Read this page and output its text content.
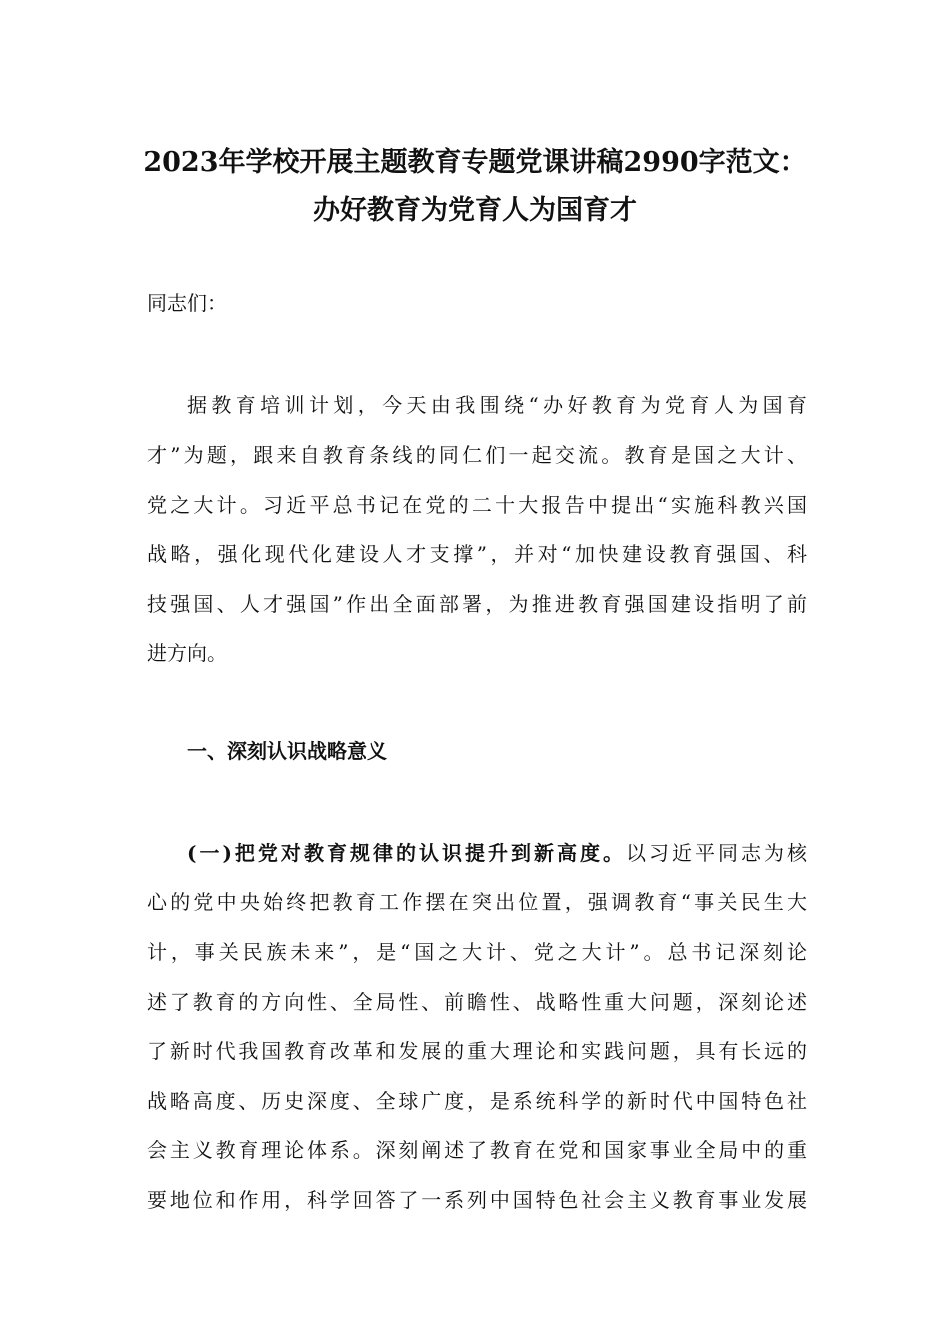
2023年学校开展主题教育专题党课讲稿2990字范文：
办好教育为党育人为国育才
同志们：
据教育培训计划，今天由我围绕“办好教育为党育人为国育
才”为题，跟来自教育条线的同仁们一起交流。教育是国之大计、
党之大计。习近平总书记在党的二十大报告中提出“实施科教兴国
战略，强化现代化建设人才支撑”，并对“加快建设教育强国、科
技强国、人才强国”作出全面部署，为推进教育强国建设指明了前
进方向。
一、深刻认识战略意义
(一)把党对教育规律的认识提升到新高度。以习近平同志为核
心的党中央始终把教育工作摆在突出位置，强调教育“事关民生大
计，事关民族未来”，是“国之大计、党之大计”。总书记深刻论
述了教育的方向性、全局性、前瞻性、战略性重大问题，深刻论述
了新时代我国教育改革和发展的重大理论和实践问题，具有长远的
战略高度、历史深度、全球广度，是系统科学的新时代中国特色社
会主义教育理论体系。深刻阐述了教育在党和国家事业全局中的重
要地位和作用，科学回答了一系列中国特色社会主义教育事业发展
